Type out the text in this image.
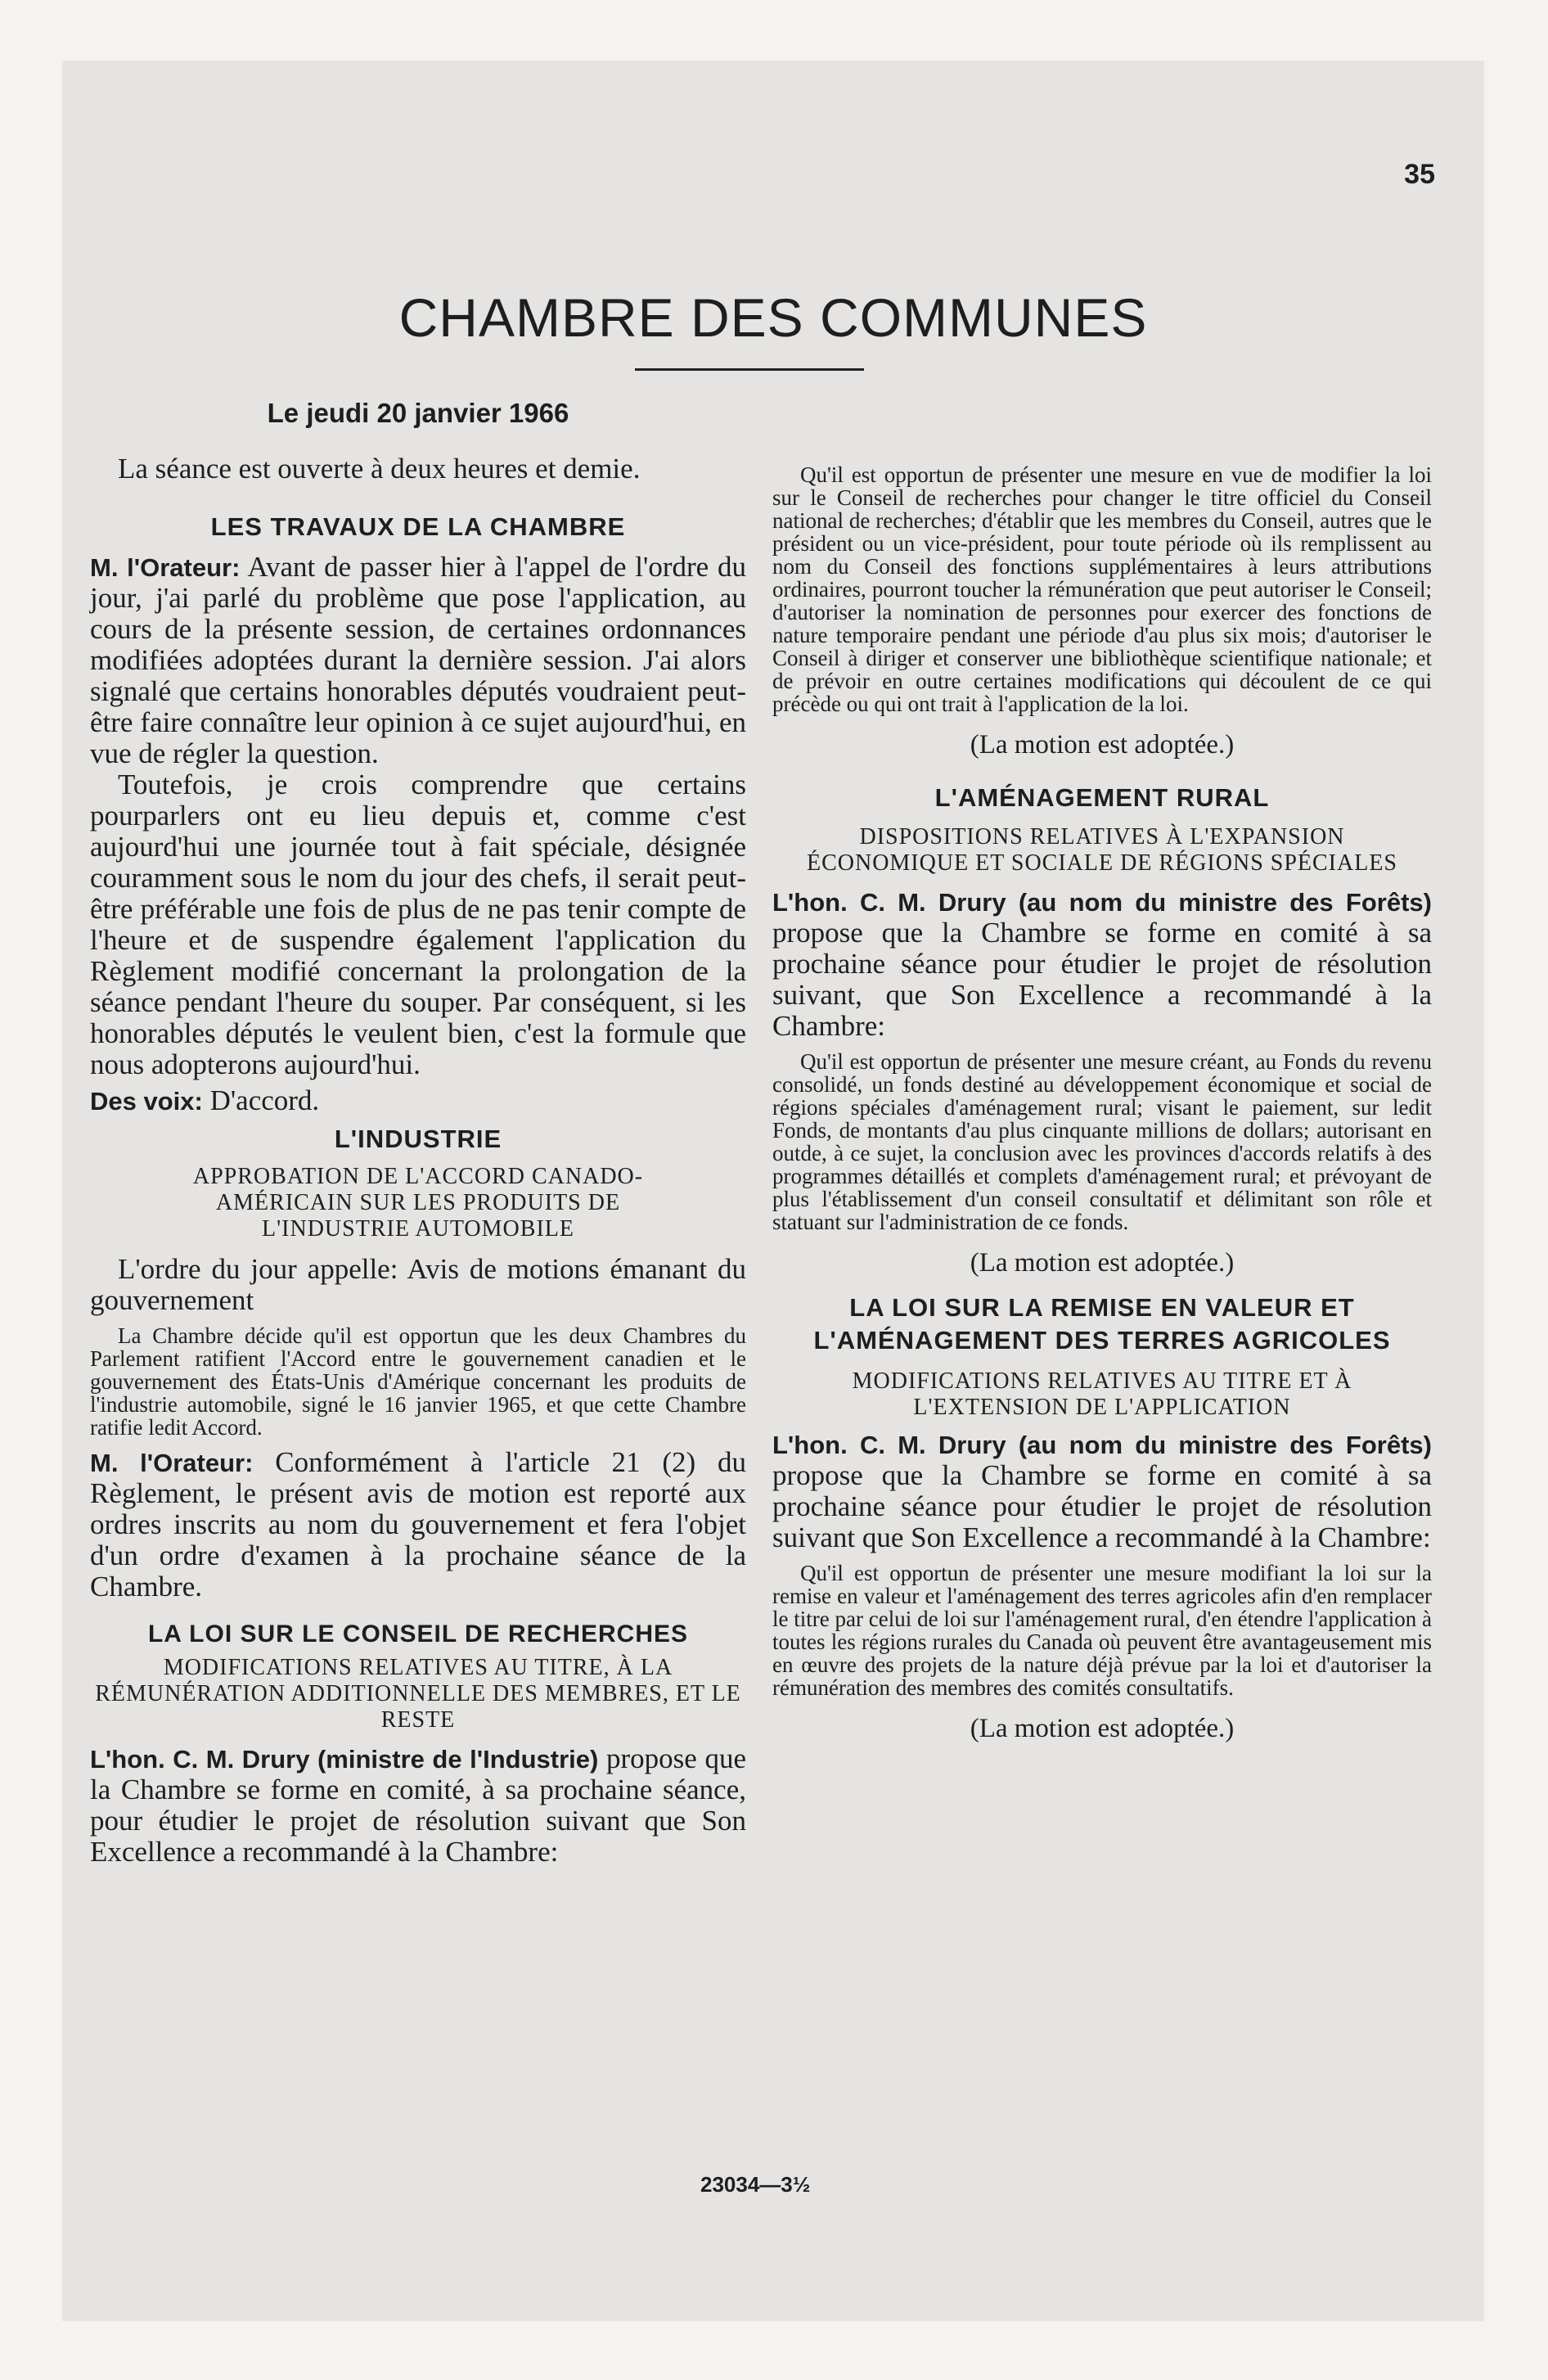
35
CHAMBRE DES COMMUNES

Le jeudi 20 janvier 1966

La séance est ouverte à deux heures et demie.

LES TRAVAUX DE LA CHAMBRE

M. l'Orateur: Avant de passer hier à l'appel de l'ordre du jour, j'ai parlé du problème que pose l'application, au cours de la présente session, de certaines ordonnances modifiées adoptées durant la dernière session. J'ai alors signalé que certains honorables députés voudraient peut-être faire connaître leur opinion à ce sujet aujourd'hui, en vue de régler la question.

Toutefois, je crois comprendre que certains pourparlers ont eu lieu depuis et, comme c'est aujourd'hui une journée tout à fait spéciale, désignée couramment sous le nom du jour des chefs, il serait peut-être préférable une fois de plus de ne pas tenir compte de l'heure et de suspendre également l'application du Règlement modifié concernant la prolongation de la séance pendant l'heure du souper. Par conséquent, si les honorables députés le veulent bien, c'est la formule que nous adopterons aujourd'hui.

Des voix: D'accord.

L'INDUSTRIE

APPROBATION DE L'ACCORD CANADO-AMÉRICAIN SUR LES PRODUITS DE L'INDUSTRIE AUTOMOBILE

L'ordre du jour appelle: Avis de motions émanant du gouvernement

La Chambre décide qu'il est opportun que les deux Chambres du Parlement ratifient l'Accord entre le gouvernement canadien et le gouvernement des États-Unis d'Amérique concernant les produits de l'industrie automobile, signé le 16 janvier 1965, et que cette Chambre ratifie ledit Accord.

M. l'Orateur: Conformément à l'article 21 (2) du Règlement, le présent avis de motion est reporté aux ordres inscrits au nom du gouvernement et fera l'objet d'un ordre d'examen à la prochaine séance de la Chambre.

LA LOI SUR LE CONSEIL DE RECHERCHES

MODIFICATIONS RELATIVES AU TITRE, À LA RÉMUNÉRATION ADDITIONNELLE DES MEMBRES, ET LE RESTE

L'hon. C. M. Drury (ministre de l'Industrie) propose que la Chambre se forme en comité, à sa prochaine séance, pour étudier le projet de résolution suivant que Son Excellence a recommandé à la Chambre:

Qu'il est opportun de présenter une mesure en vue de modifier la loi sur le Conseil de recherches pour changer le titre officiel du Conseil national de recherches; d'établir que les membres du Conseil, autres que le président ou un vice-président, pour toute période où ils remplissent au nom du Conseil des fonctions supplémentaires à leurs attributions ordinaires, pourront toucher la rémunération que peut autoriser le Conseil; d'autoriser la nomination de personnes pour exercer des fonctions de nature temporaire pendant une période d'au plus six mois; d'autoriser le Conseil à diriger et conserver une bibliothèque scientifique nationale; et de prévoir en outre certaines modifications qui découlent de ce qui précède ou qui ont trait à l'application de la loi.

(La motion est adoptée.)

L'AMÉNAGEMENT RURAL

DISPOSITIONS RELATIVES À L'EXPANSION ÉCONOMIQUE ET SOCIALE DE RÉGIONS SPÉCIALES

L'hon. C. M. Drury (au nom du ministre des Forêts) propose que la Chambre se forme en comité à sa prochaine séance pour étudier le projet de résolution suivant, que Son Excellence a recommandé à la Chambre:

Qu'il est opportun de présenter une mesure créant, au Fonds du revenu consolidé, un fonds destiné au développement économique et social de régions spéciales d'aménagement rural; visant le paiement, sur ledit Fonds, de montants d'au plus cinquante millions de dollars; autorisant en outde, à ce sujet, la conclusion avec les provinces d'accords relatifs à des programmes détaillés et complets d'aménagement rural; et prévoyant de plus l'établissement d'un conseil consultatif et délimitant son rôle et statuant sur l'administration de ce fonds.

(La motion est adoptée.)

LA LOI SUR LA REMISE EN VALEUR ET L'AMÉNAGEMENT DES TERRES AGRICOLES

MODIFICATIONS RELATIVES AU TITRE ET À L'EXTENSION DE L'APPLICATION

L'hon. C. M. Drury (au nom du ministre des Forêts) propose que la Chambre se forme en comité à sa prochaine séance pour étudier le projet de résolution suivant que Son Excellence a recommandé à la Chambre:

Qu'il est opportun de présenter une mesure modifiant la loi sur la remise en valeur et l'aménagement des terres agricoles afin d'en remplacer le titre par celui de loi sur l'aménagement rural, d'en étendre l'application à toutes les régions rurales du Canada où peuvent être avantageusement mis en œuvre des projets de la nature déjà prévue par la loi et d'autoriser la rémunération des membres des comités consultatifs.

(La motion est adoptée.)

23034—3½
